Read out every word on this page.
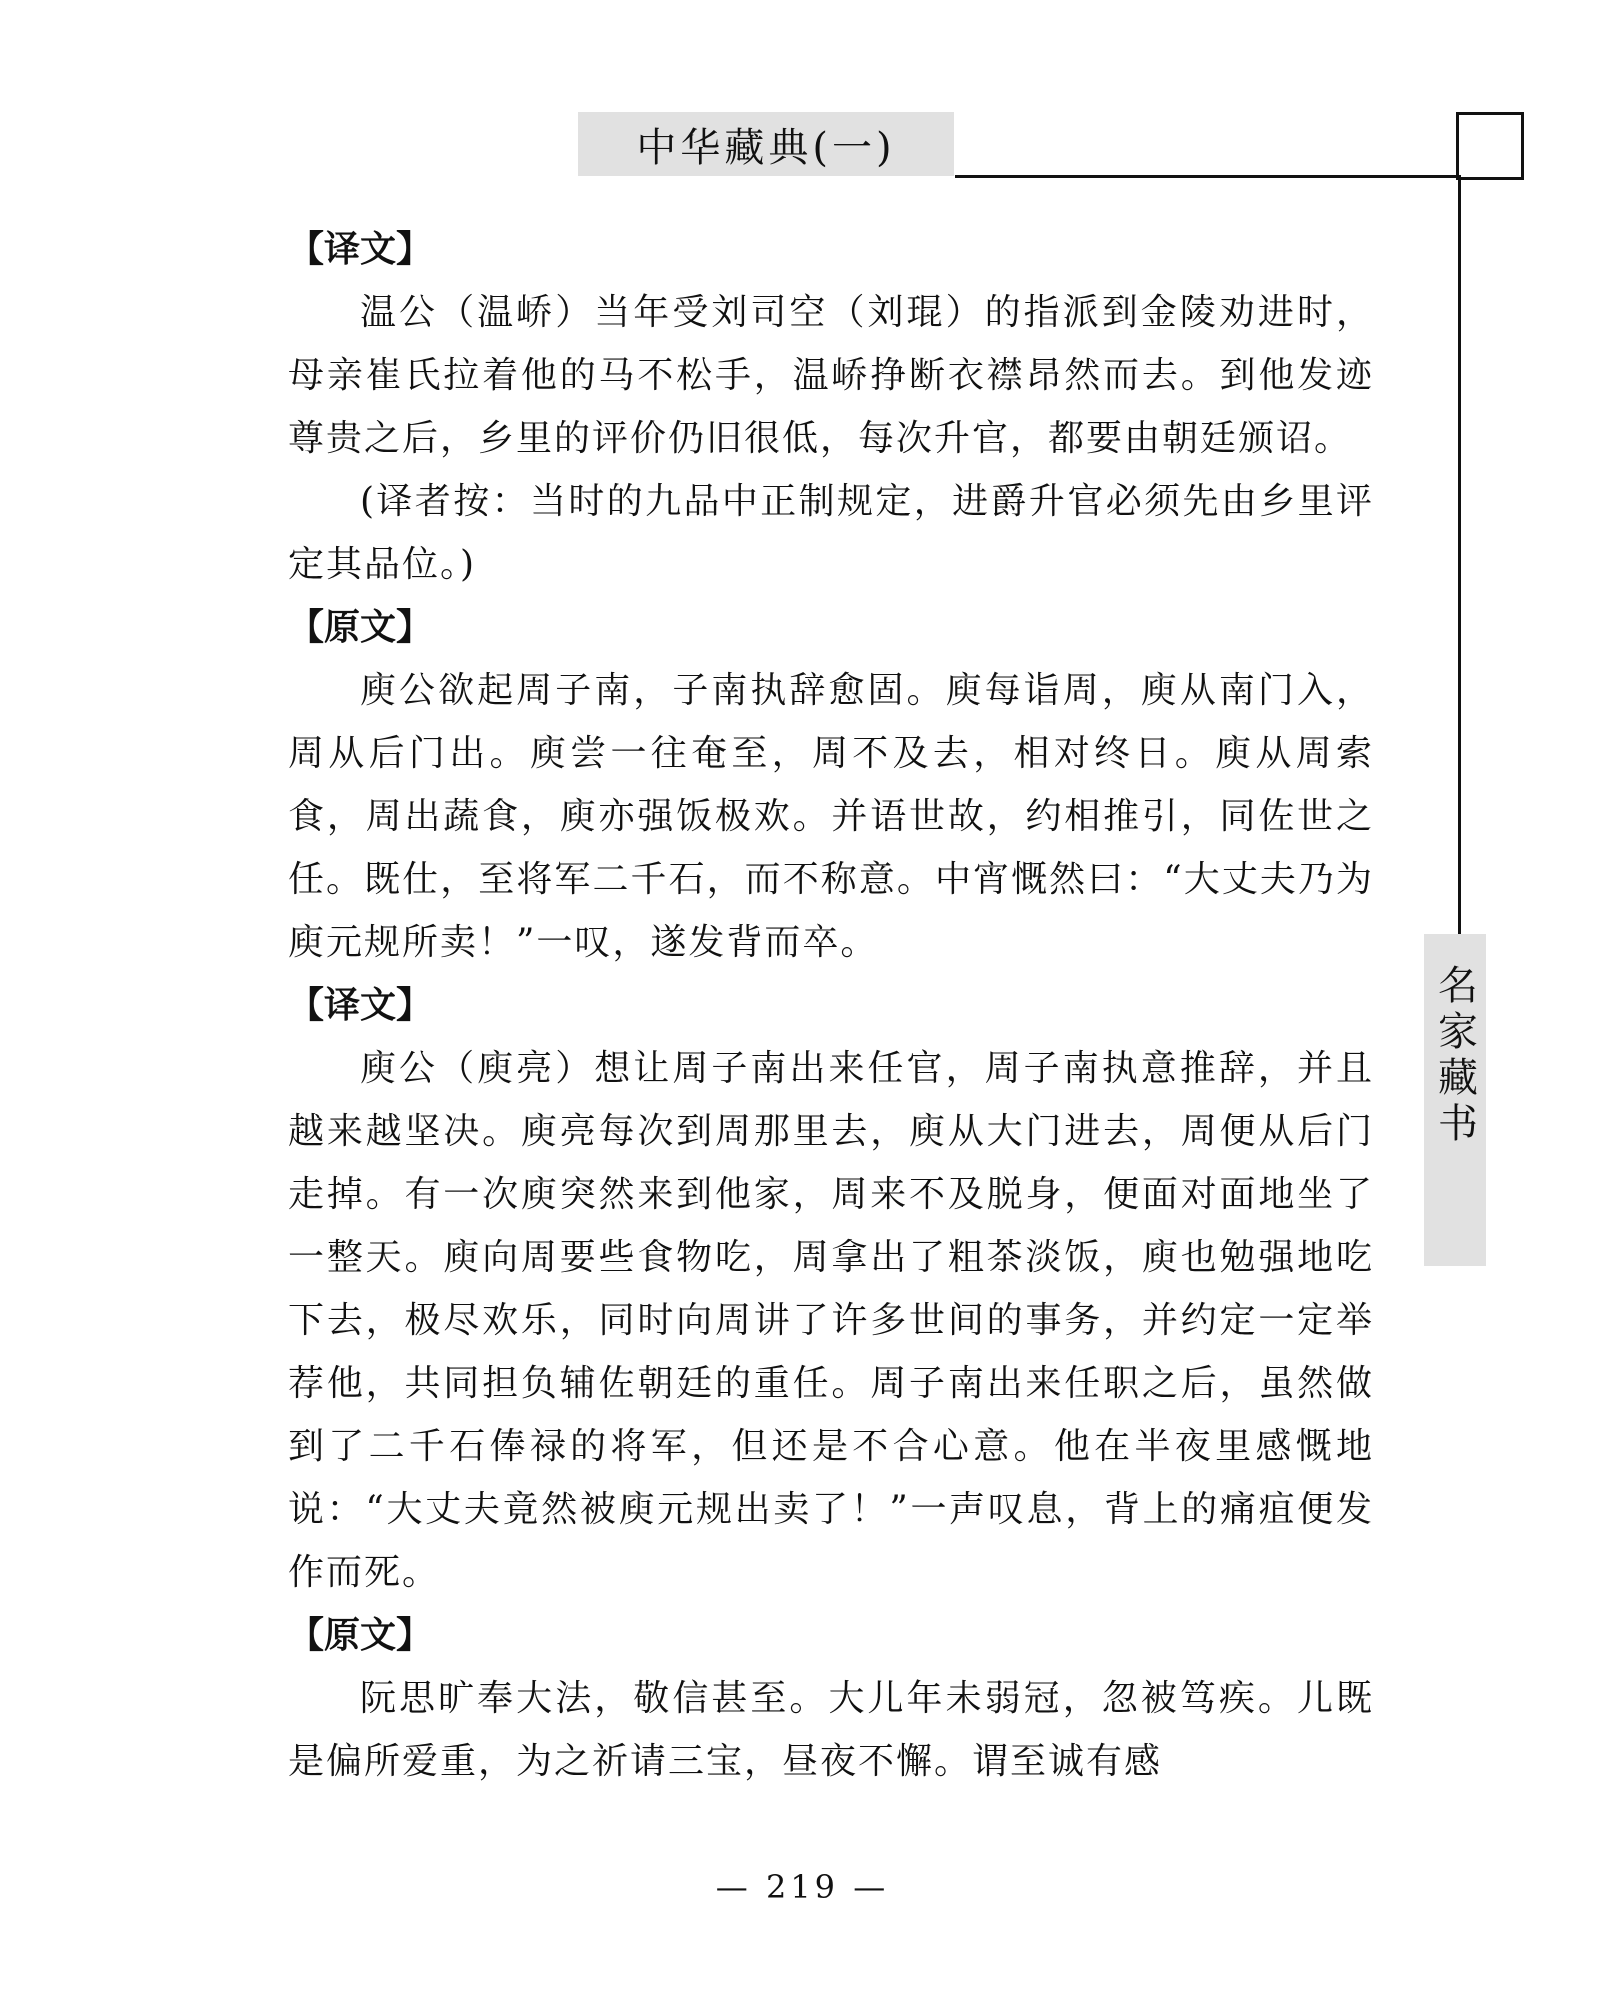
中华藏典(一)
名家藏书
【译文】

温公（温峤）当年受刘司空（刘琨）的指派到金陵劝进时，母亲崔氏拉着他的马不松手，温峤挣断衣襟昂然而去。到他发迹尊贵之后，乡里的评价仍旧很低，每次升官，都要由朝廷颁诏。

(译者按：当时的九品中正制规定，进爵升官必须先由乡里评定其品位。)

【原文】

庾公欲起周子南，子南执辞愈固。庾每诣周，庾从南门入，周从后门出。庾尝一往奄至，周不及去，相对终日。庾从周索食，周出蔬食，庾亦强饭极欢。并语世故，约相推引，同佐世之任。既仕，至将军二千石，而不称意。中宵慨然曰：“大丈夫乃为庾元规所卖！”一叹，遂发背而卒。

【译文】

庾公（庾亮）想让周子南出来任官，周子南执意推辞，并且越来越坚决。庾亮每次到周那里去，庾从大门进去，周便从后门走掉。有一次庾突然来到他家，周来不及脱身，便面对面地坐了一整天。庾向周要些食物吃，周拿出了粗茶淡饭，庾也勉强地吃下去，极尽欢乐，同时向周讲了许多世间的事务，并约定一定举荐他，共同担负辅佐朝廷的重任。周子南出来任职之后，虽然做到了二千石俸禄的将军，但还是不合心意。他在半夜里感慨地说：“大丈夫竟然被庾元规出卖了！”一声叹息，背上的痛疽便发作而死。

【原文】

阮思旷奉大法，敬信甚至。大儿年未弱冠，忽被笃疾。儿既是偏所爱重，为之祈请三宝，昼夜不懈。谓至诚有感

— 219 —
